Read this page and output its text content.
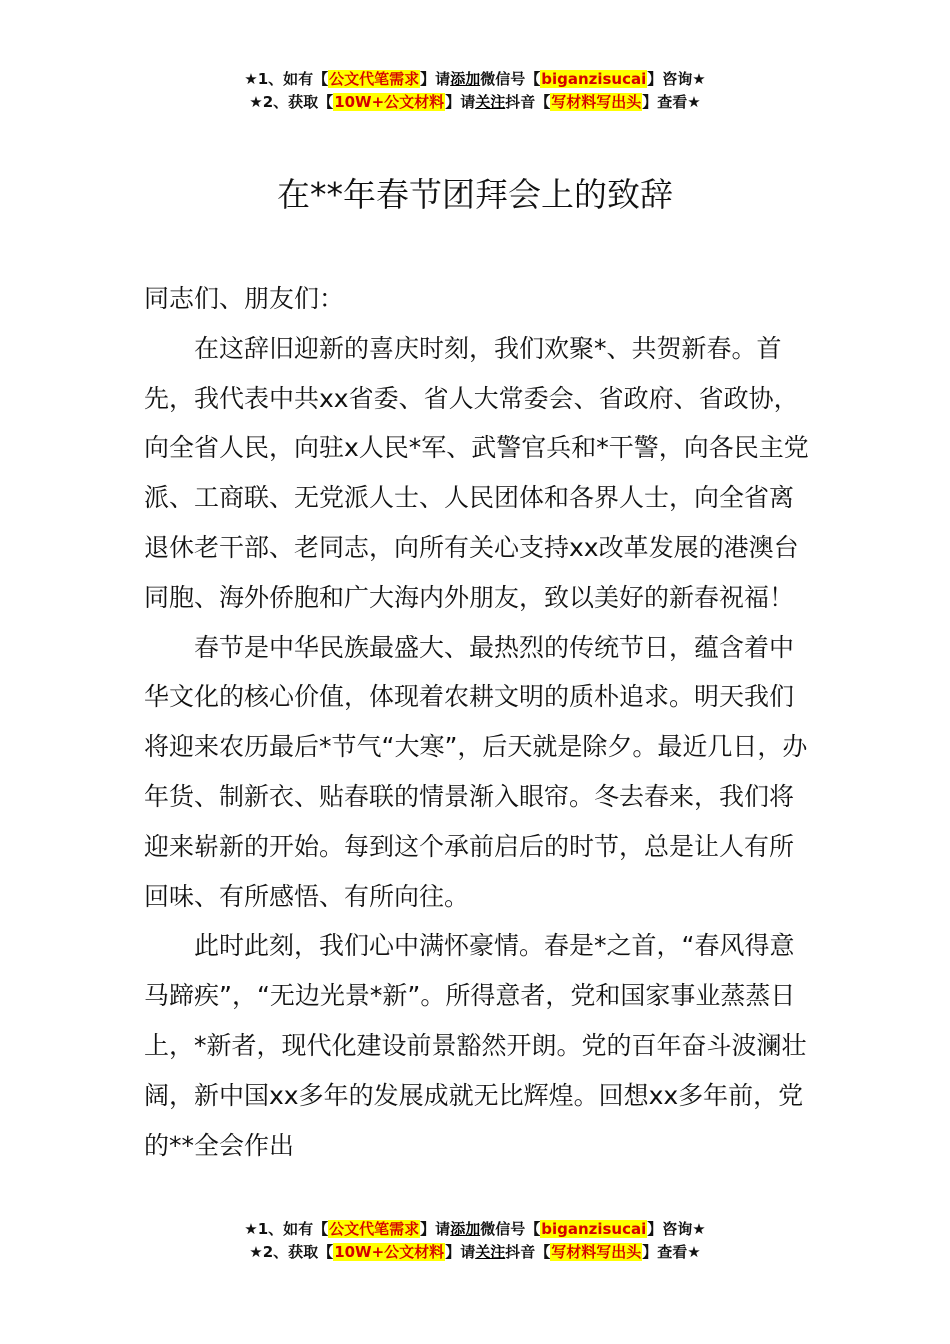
★1、如有【公文代笔需求】请添加微信号【biganzisucai】咨询★
★2、获取【10W+公文材料】请关注抖音【写材料写出头】查看★
在**年春节团拜会上的致辞

同志们、朋友们：

在这辞旧迎新的喜庆时刻，我们欢聚*、共贺新春。首先，我代表中共xx省委、省人大常委会、省政府、省政协，向全省人民，向驻x人民*军、武警官兵和*干警，向各民主党派、工商联、无党派人士、人民团体和各界人士，向全省离退休老干部、老同志，向所有关心支持xx改革发展的港澳台同胞、海外侨胞和广大海内外朋友，致以美好的新春祝福！

春节是中华民族最盛大、最热烈的传统节日，蕴含着中华文化的核心价值，体现着农耕文明的质朴追求。明天我们将迎来农历最后*节气“大寒”，后天就是除夕。最近几日，办年货、制新衣、贴春联的情景渐入眼帘。冬去春来，我们将迎来崭新的开始。每到这个承前启后的时节，总是让人有所回味、有所感悟、有所向往。

此时此刻，我们心中满怀豪情。春是*之首，“春风得意马蹄疾”，“无边光景*新”。所得意者，党和国家事业蒸蒸日上，*新者，现代化建设前景豁然开朗。党的百年奋斗波澜壮阔，新中国xx多年的发展成就无比辉煌。回想xx多年前，党的**全会作出

★1、如有【公文代笔需求】请添加微信号【biganzisucai】咨询★
★2、获取【10W+公文材料】请关注抖音【写材料写出头】查看★
